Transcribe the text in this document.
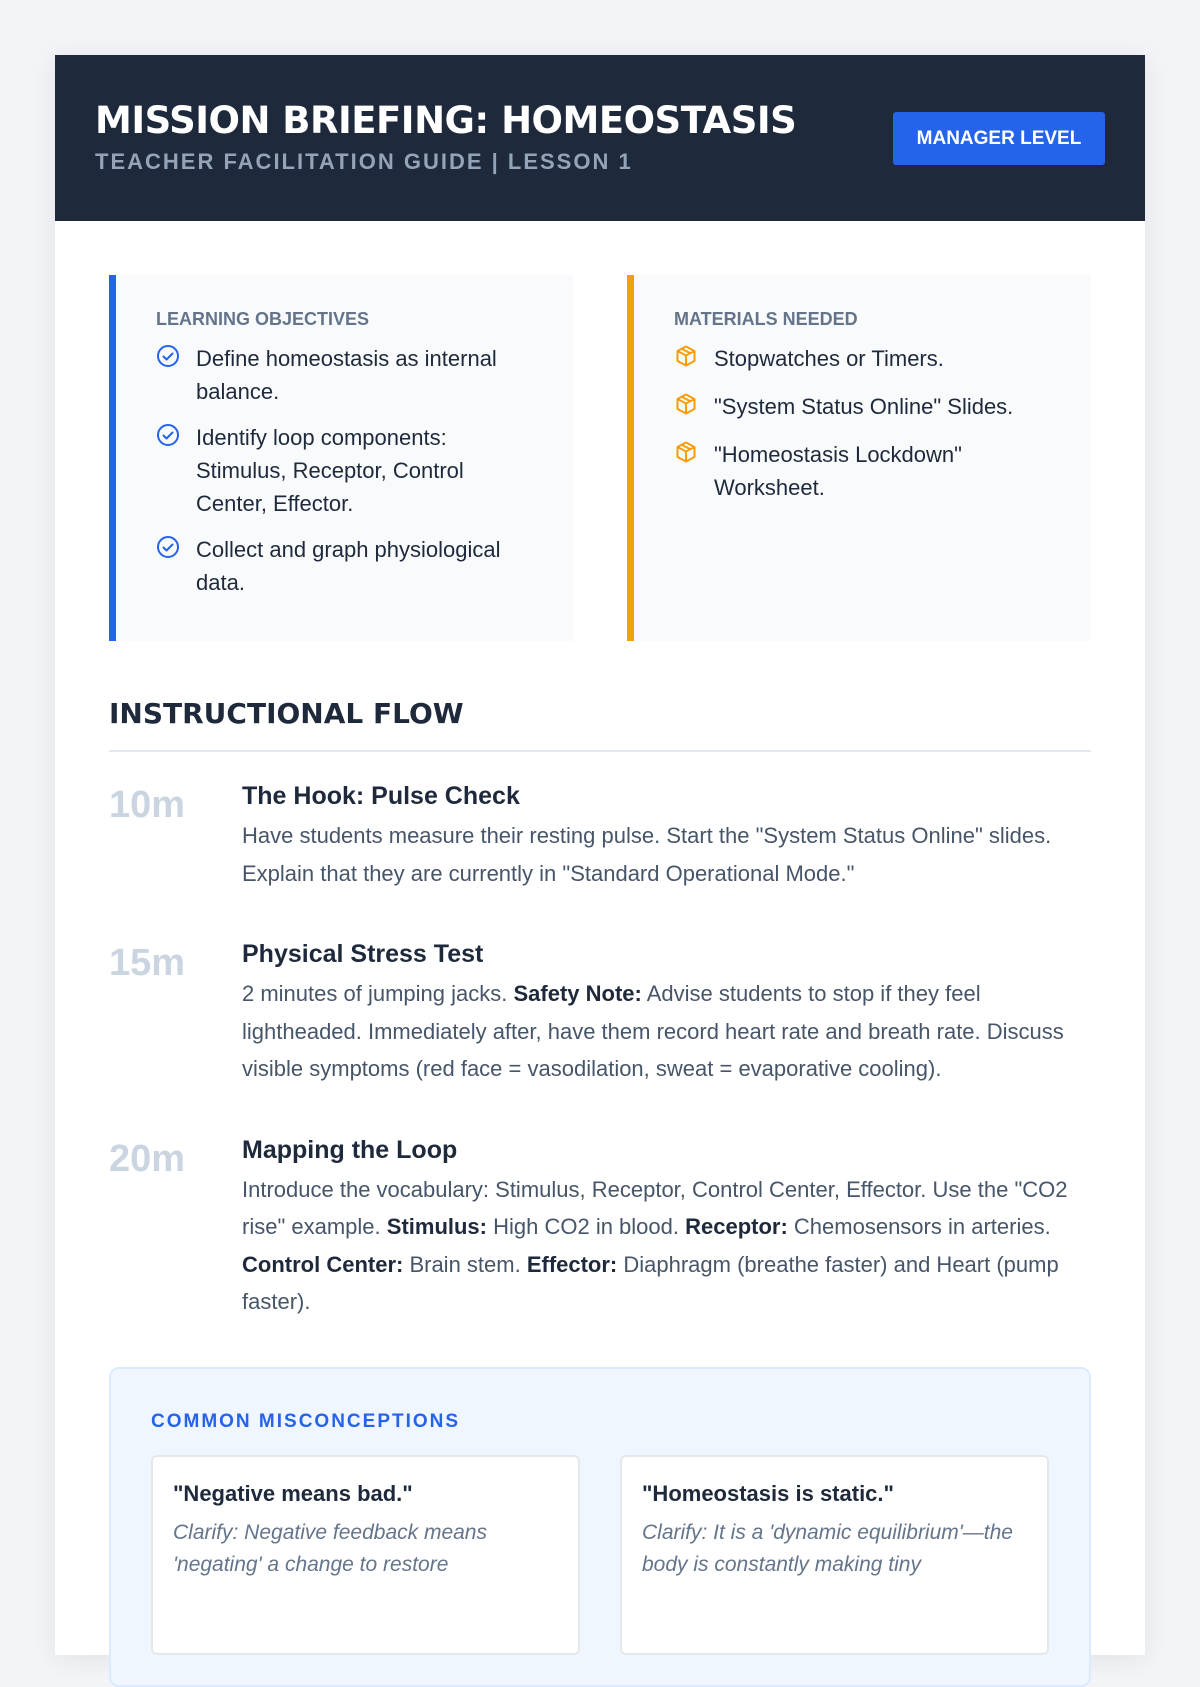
MISSION BRIEFING: HOMEOSTASIS
TEACHER FACILITATION GUIDE | LESSON 1
MANAGER LEVEL
LEARNING OBJECTIVES
Define homeostasis as internal balance.
Identify loop components: Stimulus, Receptor, Control Center, Effector.
Collect and graph physiological data.
MATERIALS NEEDED
Stopwatches or Timers.
"System Status Online" Slides.
"Homeostasis Lockdown" Worksheet.
INSTRUCTIONAL FLOW
10m	The Hook: Pulse Check

Have students measure their resting pulse. Start the "System Status Online" slides. Explain that they are currently in "Standard Operational Mode."

15m	Physical Stress Test

2 minutes of jumping jacks. Safety Note: Advise students to stop if they feel lightheaded. Immediately after, have them record heart rate and breath rate. Discuss visible symptoms (red face = vasodilation, sweat = evaporative cooling).

20m	Mapping the Loop

Introduce the vocabulary: Stimulus, Receptor, Control Center, Effector. Use the "CO2 rise" example. Stimulus: High CO2 in blood. Receptor: Chemosensors in arteries. Control Center: Brain stem. Effector: Diaphragm (breathe faster) and Heart (pump faster).

COMMON MISCONCEPTIONS
"Negative means bad."

Clarify: Negative feedback means 'negating' a change to restore

"Homeostasis is static."

Clarify: It is a 'dynamic equilibrium'—the body is constantly making tiny
